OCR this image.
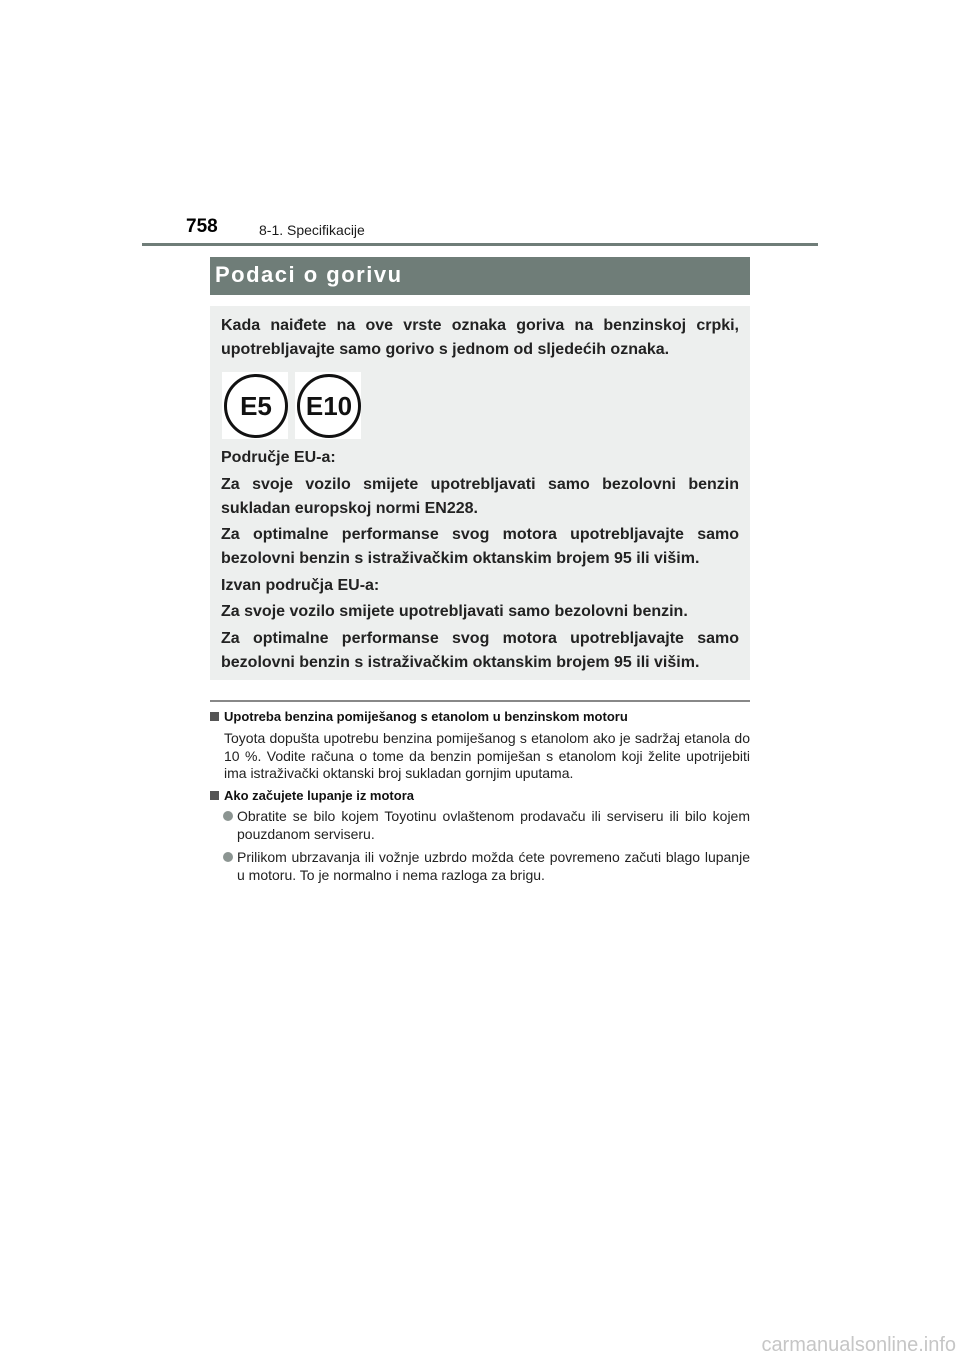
758	8-1. Specifikacije
Podaci o gorivu
Kada naiđete na ove vrste oznaka goriva na benzinskoj crpki, upotrebljavajte samo gorivo s jednom od sljedećih oznaka.
E5	E10
Područje EU-a:
Za svoje vozilo smijete upotrebljavati samo bezolovni benzin sukladan europskoj normi EN228.
Za optimalne performanse svog motora upotrebljavajte samo bezolovni benzin s istraživačkim oktanskim brojem 95 ili višim.
Izvan područja EU-a:
Za svoje vozilo smijete upotrebljavati samo bezolovni benzin.
Za optimalne performanse svog motora upotrebljavajte samo bezolovni benzin s istraživačkim oktanskim brojem 95 ili višim.
Upotreba benzina pomiješanog s etanolom u benzinskom motoru
Toyota dopušta upotrebu benzina pomiješanog s etanolom ako je sadržaj etanola do 10 %. Vodite računa o tome da benzin pomiješan s etanolom koji želite upotrijebiti ima istraživački oktanski broj sukladan gornjim uputama.
Ako začujete lupanje iz motora
Obratite se bilo kojem Toyotinu ovlaštenom prodavaču ili serviseru ili bilo kojem pouzdanom serviseru.
Prilikom ubrzavanja ili vožnje uzbrdo možda ćete povremeno začuti blago lupanje u motoru. To je normalno i nema razloga za brigu.
carmanualsonline.info
